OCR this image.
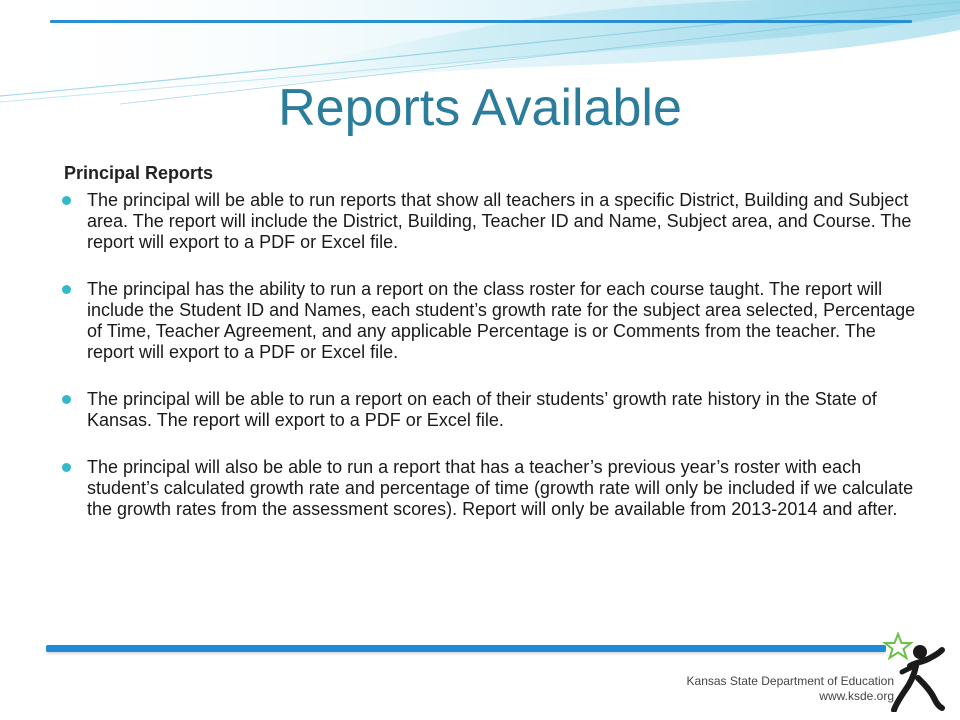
Reports Available
Principal Reports
The principal will be able to run reports that show all teachers in a specific District, Building and Subject area. The report will include the District, Building, Teacher ID and Name, Subject area, and Course. The report will export to a PDF or Excel file.
The principal has the ability to run a report on the class roster for each course taught. The report will include the Student ID and Names, each student’s growth rate for the subject area selected, Percentage of Time, Teacher Agreement, and any applicable Percentage is or Comments from the teacher. The report will export to a PDF or Excel file.
The principal will be able to run a report on each of their students’ growth rate history in the State of Kansas. The report will export to a PDF or Excel file.
The principal will also be able to run a report that has a teacher’s previous year’s roster with each student’s calculated growth rate and percentage of time (growth rate will only be included if we calculate the growth rates from the assessment scores). Report will only be available from 2013-2014 and after.
Kansas State Department of Education
www.ksde.org
